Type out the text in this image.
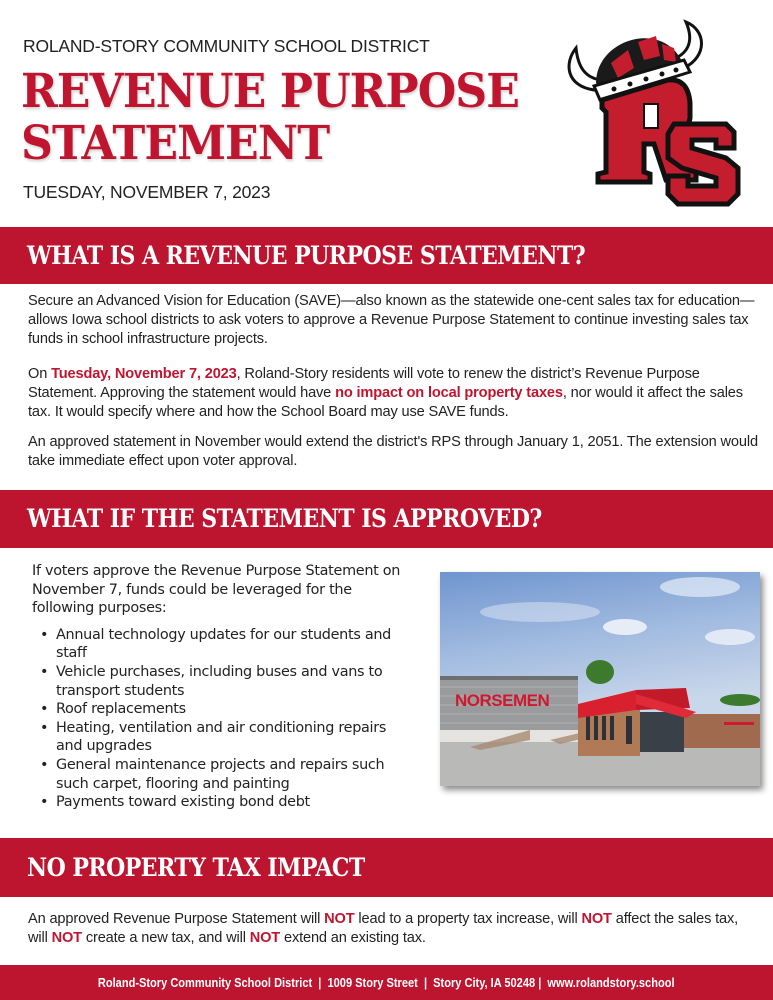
ROLAND-STORY COMMUNITY SCHOOL DISTRICT
REVENUE PURPOSE
STATEMENT
TUESDAY, NOVEMBER 7, 2023
WHAT IS A REVENUE PURPOSE STATEMENT?

Secure an Advanced Vision for Education (SAVE)—also known as the statewide one-cent sales tax for education—allows Iowa school districts to ask voters to approve a Revenue Purpose Statement to continue investing sales tax funds in school infrastructure projects.

On Tuesday, November 7, 2023, Roland-Story residents will vote to renew the district’s Revenue Purpose Statement. Approving the statement would have no impact on local property taxes, nor would it affect the sales tax. It would specify where and how the School Board may use SAVE funds.

An approved statement in November would extend the district's RPS through January 1, 2051. The extension would take immediate effect upon voter approval.

WHAT IF THE STATEMENT IS APPROVED?

If voters approve the Revenue Purpose Statement on November 7, funds could be leveraged for the following purposes:

• Annual technology updates for our students and staff
• Vehicle purchases, including buses and vans to transport students
• Roof replacements
• Heating, ventilation and air conditioning repairs and upgrades
• General maintenance projects and repairs such such carpet, flooring and painting
• Payments toward existing bond debt
NORSEMEN
NO PROPERTY TAX IMPACT

An approved Revenue Purpose Statement will NOT lead to a property tax increase, will NOT affect the sales tax, will NOT create a new tax, and will NOT extend an existing tax.

Roland-Story Community School District  |  1009 Story Street  |  Story City, IA 50248 |  www.rolandstory.school
